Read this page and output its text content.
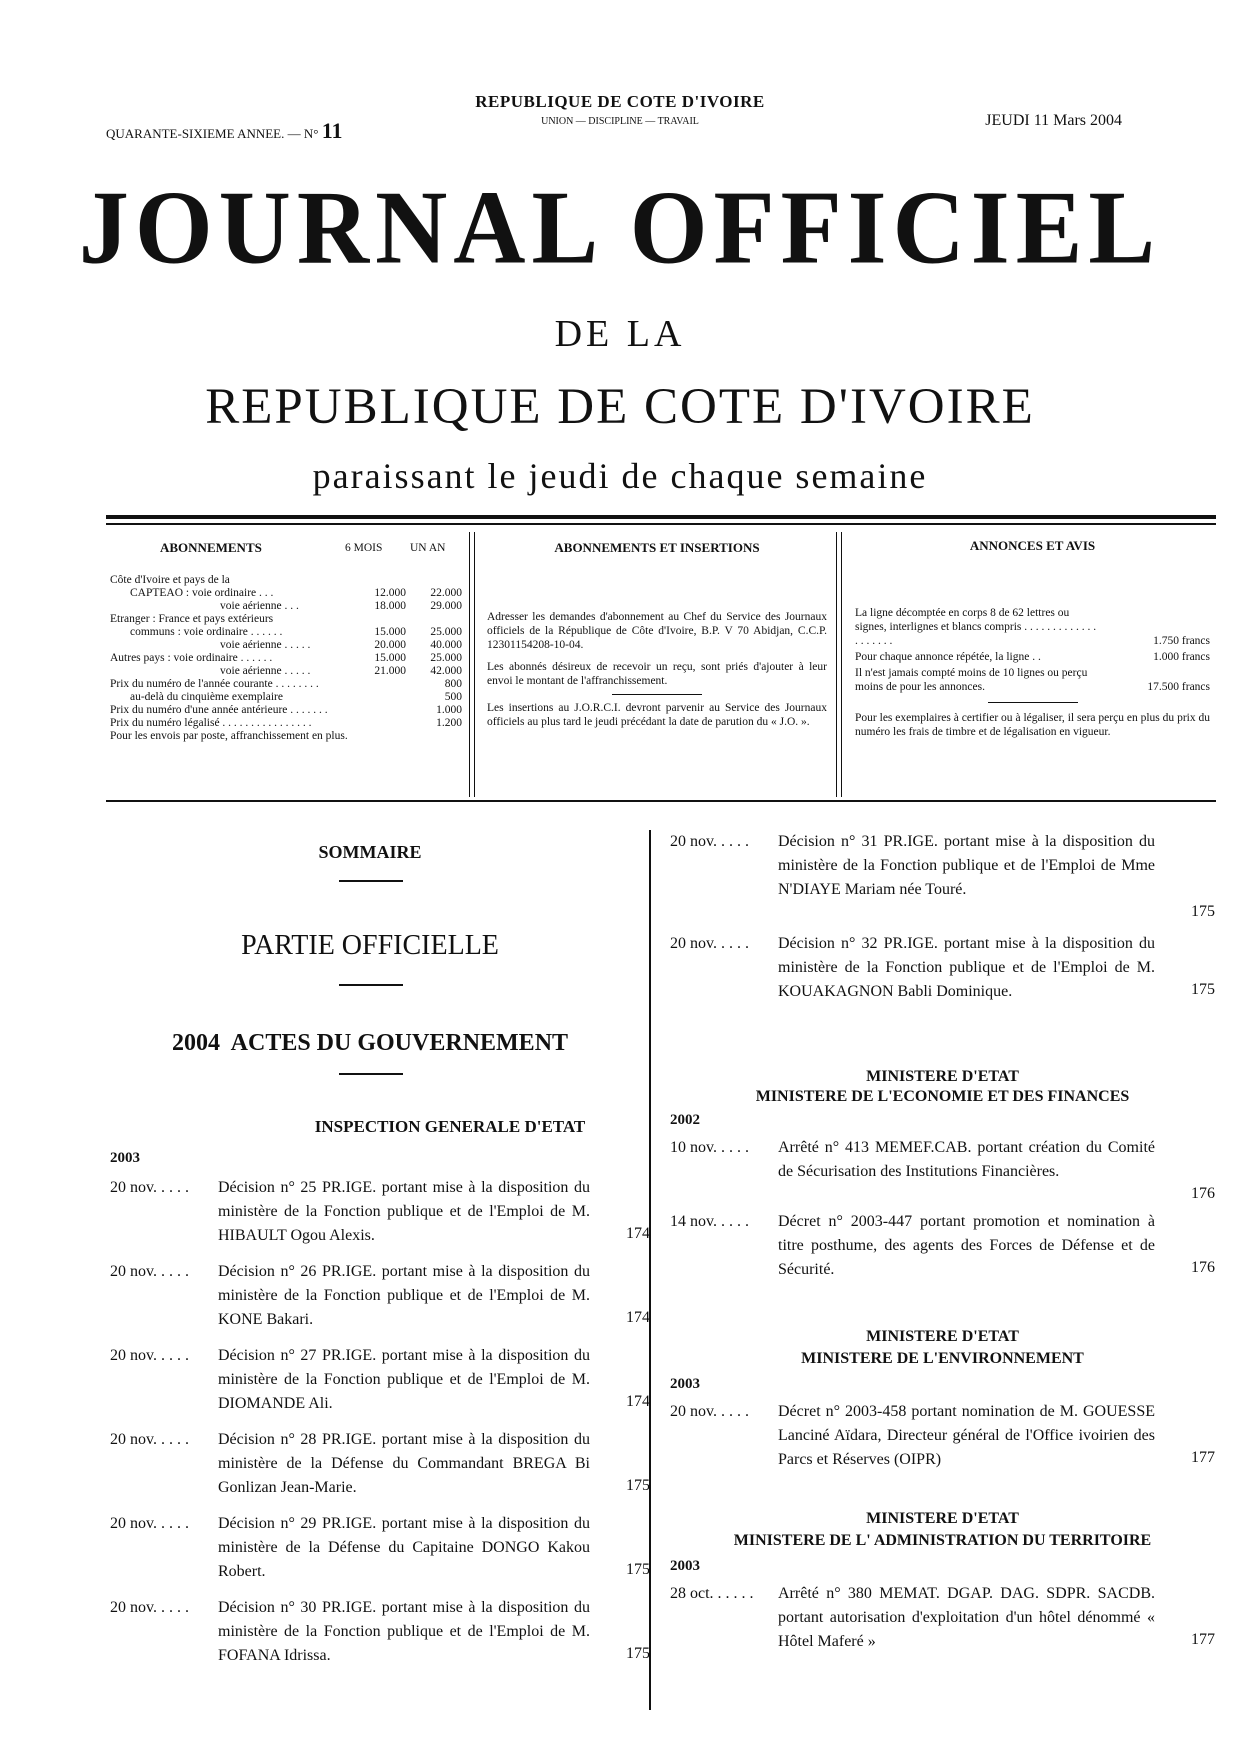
QUARANTE-SIXIEME ANNEE. — N° 11
REPUBLIQUE DE COTE D'IVOIRE
UNION — DISCIPLINE — TRAVAIL	JEUDI 11 Mars 2004
JOURNAL OFFICIEL
DE LA
REPUBLIQUE DE COTE D'IVOIRE
paraissant le jeudi de chaque semaine
ABONNEMENTS	6 MOIS UN AN
Côte d'Ivoire et pays de la		
CAPTEAO : voie ordinaire . . .	12.000	22.000
voie aérienne . . .	18.000	29.000
Etranger : France et pays extérieurs		
communs : voie ordinaire . . . . . .	15.000	25.000
voie aérienne . . . . .	20.000	40.000
Autres pays : voie ordinaire . . . . . .	15.000	25.000
voie aérienne . . . . .	21.000	42.000
Prix du numéro de l'année courante . . . . . . . .		800
au-delà du cinquième exemplaire		500
Prix du numéro d'une année antérieure . . . . . . .		1.000
Prix du numéro légalisé . . . . . . . . . . . . . . . .		1.200
Pour les envois par poste, affranchissement en plus.		
ABONNEMENTS ET INSERTIONS
Adresser les demandes d'abonnement au Chef du Service des Journaux officiels de la République de Côte d'Ivoire, B.P. V 70 Abidjan, C.C.P. 12301154208-10-04.
Les abonnés désireux de recevoir un reçu, sont priés d'ajouter à leur envoi le montant de l'affranchissement.
Les insertions au J.O.R.C.I. devront parvenir au Service des Journaux officiels au plus tard le jeudi précédant la date de parution du « J.O. ».
ANNONCES ET AVIS
La ligne décomptée en corps 8 de 62 lettres ou signes, interlignes et blancs compris . . . . . . . . . . . . . . . . . . . .	1.750 francs
Pour chaque annonce répétée, la ligne . .	1.000 francs
Il n'est jamais compté moins de 10 lignes ou perçu moins de pour les annonces.	17.500 francs
Pour les exemplaires à certifier ou à légaliser, il sera perçu en plus du prix du numéro les frais de timbre et de légalisation en vigueur.
SOMMAIRE
PARTIE OFFICIELLE
2004 ACTES DU GOUVERNEMENT
INSPECTION GENERALE D'ETAT
2003
20 nov. . . . . Décision n° 25 PR.IGE. portant mise à la disposition du ministère de la Fonction publique et de l'Emploi de M. HIBAULT Ogou Alexis.	174
20 nov. . . . . Décision n° 26 PR.IGE. portant mise à la disposition du ministère de la Fonction publique et de l'Emploi de M. KONE Bakari.	174
20 nov. . . . . Décision n° 27 PR.IGE. portant mise à la disposition du ministère de la Fonction publique et de l'Emploi de M. DIOMANDE Ali.	174
20 nov. . . . . Décision n° 28 PR.IGE. portant mise à la disposition du ministère de la Défense du Commandant BREGA Bi Gonlizan Jean-Marie.	175
20 nov. . . . . Décision n° 29 PR.IGE. portant mise à la disposition du ministère de la Défense du Capitaine DONGO Kakou Robert.	175
20 nov. . . . . Décision n° 30 PR.IGE. portant mise à la disposition du ministère de la Fonction publique et de l'Emploi de M. FOFANA Idrissa.	175
20 nov. . . . . Décision n° 31 PR.IGE. portant mise à la disposition du ministère de la Fonction publique et de l'Emploi de Mme N'DIAYE Mariam née Touré.
175
20 nov. . . . . Décision n° 32 PR.IGE. portant mise à la disposition du ministère de la Fonction publique et de l'Emploi de M. KOUAKAGNON Babli Dominique.	175
MINISTERE D'ETAT
MINISTERE DE L'ECONOMIE ET DES FINANCES
2002
10 nov. . . . . Arrêté n° 413 MEMEF.CAB. portant création du Comité de Sécurisation des Institutions Financières.
176
14 nov. . . . . Décret n° 2003-447 portant promotion et nomination à titre posthume, des agents des Forces de Défense et de Sécurité.	176
MINISTERE D'ETAT
MINISTERE DE L'ENVIRONNEMENT
2003
20 nov. . . . . Décret n° 2003-458 portant nomination de M. GOUESSE Lanciné Aïdara, Directeur général de l'Office ivoirien des Parcs et Réserves (OIPR)	177
MINISTERE D'ETAT
MINISTERE DE L' ADMINISTRATION DU TERRITOIRE
2003
28 oct. . . . . . Arrêté n° 380 MEMAT. DGAP. DAG. SDPR. SACDB. portant autorisation d'exploitation d'un hôtel dénommé « Hôtel Maferé »	177
